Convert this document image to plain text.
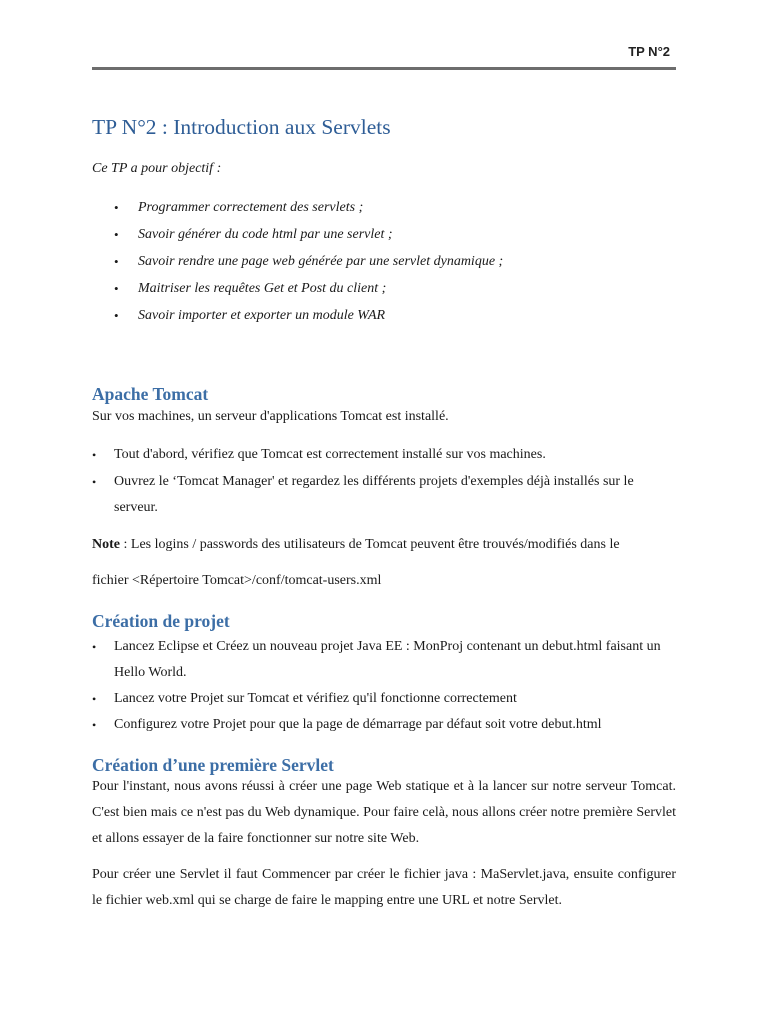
TP N°2
TP N°2 : Introduction aux Servlets

Ce TP a pour objectif :

• Programmer correctement des servlets ;
• Savoir générer du code html par une servlet ;
• Savoir rendre une page web générée par une servlet dynamique ;
• Maitriser les requêtes Get et Post du client ;
• Savoir importer et exporter un module WAR
Apache Tomcat

Sur vos machines, un serveur d'applications Tomcat est installé.

• Tout d'abord, vérifiez que Tomcat est correctement installé sur vos machines.
• Ouvrez le ‘Tomcat Manager' et regardez les différents projets d'exemples déjà installés sur le serveur.

Note : Les logins / passwords des utilisateurs de Tomcat peuvent être trouvés/modifiés dans le

fichier <Répertoire Tomcat>/conf/tomcat-users.xml

Création de projet
• Lancez Eclipse et Créez un nouveau projet Java EE : MonProj contenant un debut.html faisant un Hello World.
• Lancez votre Projet sur Tomcat et vérifiez qu'il fonctionne correctement
• Configurez votre Projet pour que la page de démarrage par défaut soit votre debut.html
Création d’une première Servlet

Pour l'instant, nous avons réussi à créer une page Web statique et à la lancer sur notre serveur Tomcat. C'est bien mais ce n'est pas du Web dynamique. Pour faire celà, nous allons créer notre première Servlet et allons essayer de la faire fonctionner sur notre site Web.

Pour créer une Servlet il faut Commencer par créer le fichier java : MaServlet.java, ensuite configurer le fichier web.xml qui se charge de faire le mapping entre une URL et notre Servlet.
